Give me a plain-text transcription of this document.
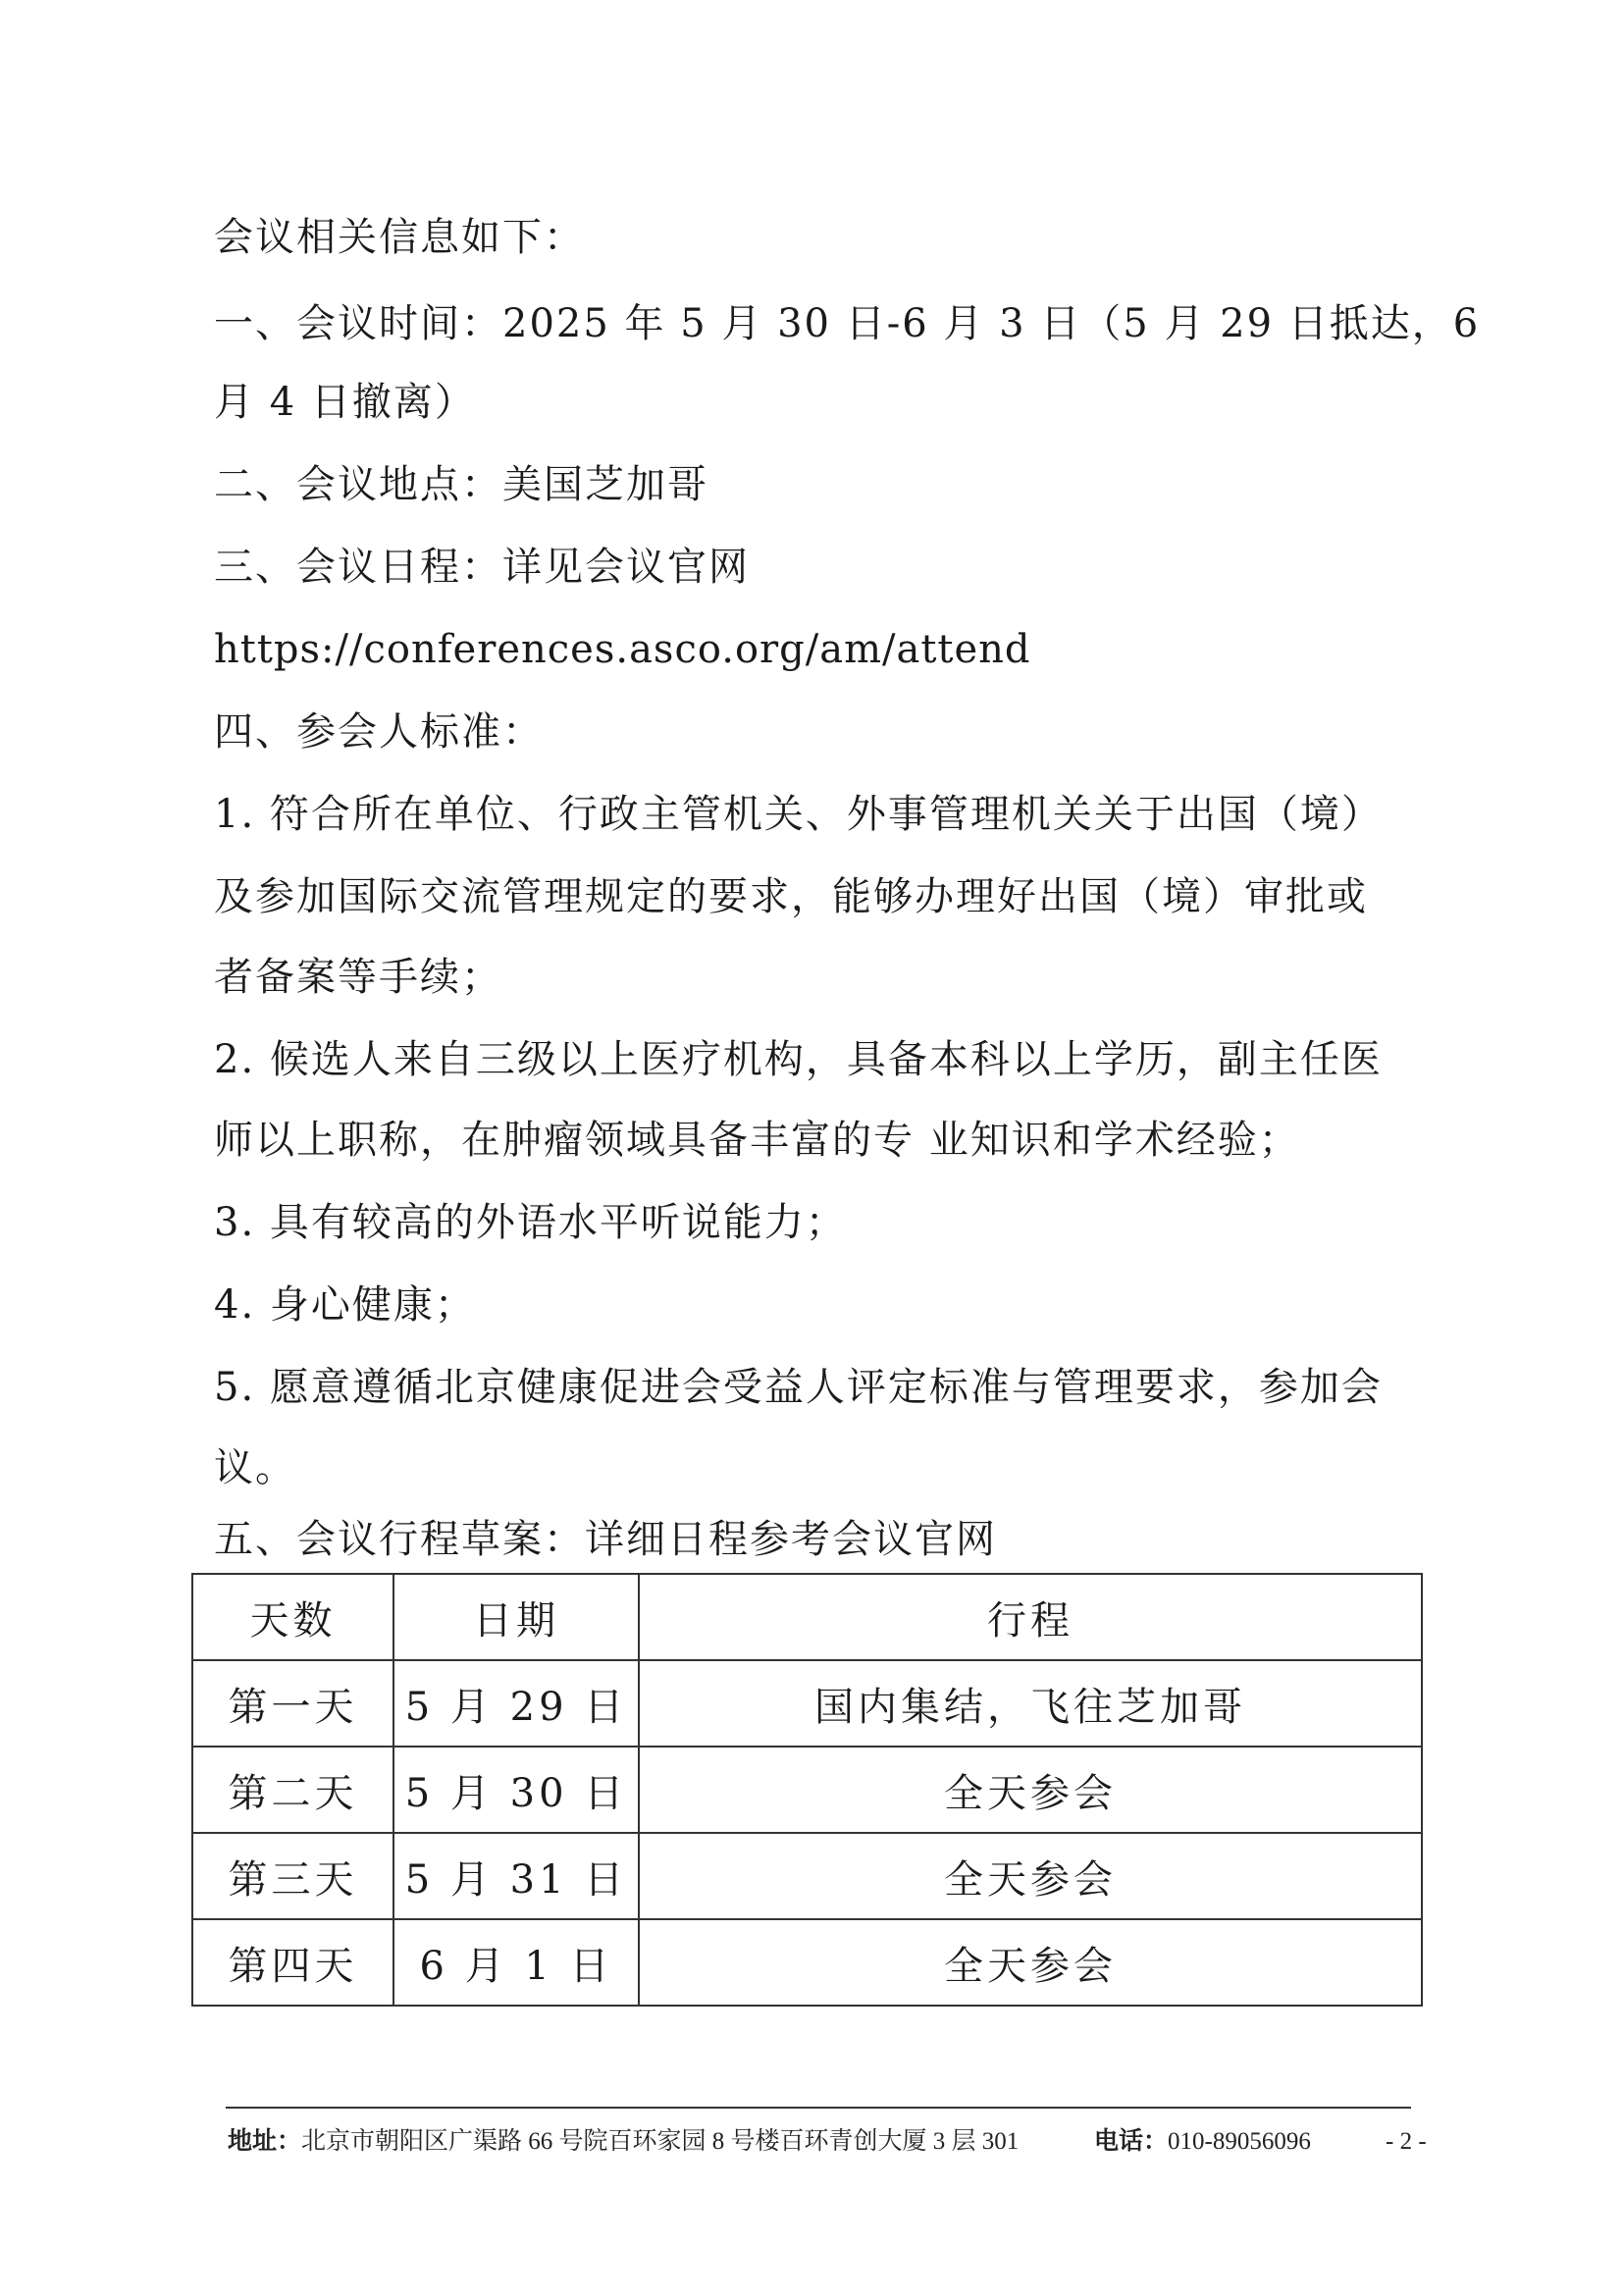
会议相关信息如下：
一、会议时间：2025 年 5 月 30 日-6 月 3 日（5 月 29 日抵达，6
月 4 日撤离）
二、会议地点：美国芝加哥
三、会议日程：详见会议官网
https://conferences.asco.org/am/attend
四、参会人标准：
1. 符合所在单位、行政主管机关、外事管理机关关于出国（境）
及参加国际交流管理规定的要求，能够办理好出国（境）审批或
者备案等手续；
2. 候选人来自三级以上医疗机构，具备本科以上学历，副主任医
师以上职称，在肿瘤领域具备丰富的专 业知识和学术经验；
3. 具有较高的外语水平听说能力；
4. 身心健康；
5. 愿意遵循北京健康促进会受益人评定标准与管理要求，参加会
议。
五、会议行程草案：详细日程参考会议官网
天数	日期	行程
第一天	5 月 29 日	国内集结，飞往芝加哥
第二天	5 月 30 日	全天参会
第三天	5 月 31 日	全天参会
第四天	6 月 1 日	全天参会
地址：北京市朝阳区广渠路 66 号院百环家园 8 号楼百环青创大厦 3 层 301	电话：010-89056096	- 2 -
